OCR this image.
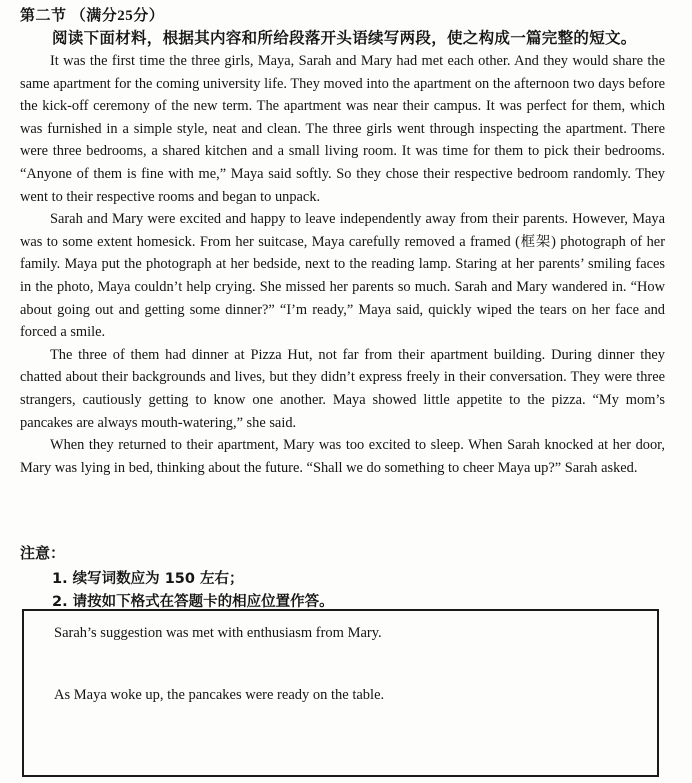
第二节 （满分25分）
阅读下面材料，根据其内容和所给段落开头语续写两段，使之构成一篇完整的短文。

It was the first time the three girls, Maya, Sarah and Mary had met each other. And they would share the same apartment for the coming university life. They moved into the apartment on the afternoon two days before the kick-off ceremony of the new term. The apartment was near their campus. It was perfect for them, which was furnished in a simple style, neat and clean. The three girls went through inspecting the apartment. There were three bedrooms, a shared kitchen and a small living room. It was time for them to pick their bedrooms. “Anyone of them is fine with me,” Maya said softly. So they chose their respective bedroom randomly. They went to their respective rooms and began to unpack.

Sarah and Mary were excited and happy to leave independently away from their parents. However, Maya was to some extent homesick. From her suitcase, Maya carefully removed a framed (框架) photograph of her family. Maya put the photograph at her bedside, next to the reading lamp. Staring at her parents’ smiling faces in the photo, Maya couldn’t help crying. She missed her parents so much. Sarah and Mary wandered in. “How about going out and getting some dinner?” “I’m ready,” Maya said, quickly wiped the tears on her face and forced a smile.

The three of them had dinner at Pizza Hut, not far from their apartment building. During dinner they chatted about their backgrounds and lives, but they didn’t express freely in their conversation. They were three strangers, cautiously getting to know one another. Maya showed little appetite to the pizza. “My mom’s pancakes are always mouth-watering,” she said.

When they returned to their apartment, Mary was too excited to sleep. When Sarah knocked at her door, Mary was lying in bed, thinking about the future. “Shall we do something to cheer Maya up?” Sarah asked.

注意：
1. 续写词数应为 150 左右；
2. 请按如下格式在答题卡的相应位置作答。
Sarah’s suggestion was met with enthusiasm from Mary.
As Maya woke up, the pancakes were ready on the table.
